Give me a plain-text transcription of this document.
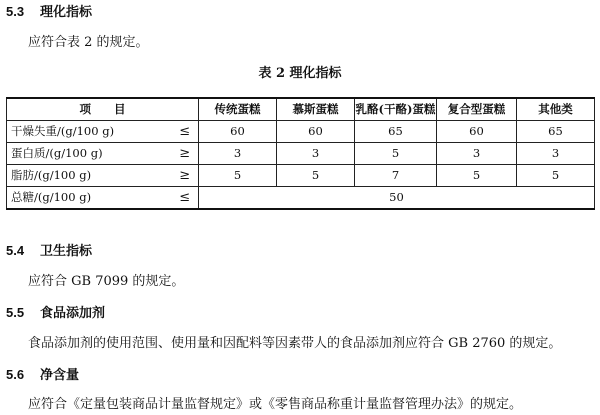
5.3 理化指标
应符合表 2 的规定。
表 2 理化指标
项　　目		传统蛋糕	慕斯蛋糕	乳酪(干酪)蛋糕	复合型蛋糕	其他类
干燥失重/(g/100 g)	≤	60	60	65	60	65
蛋白质/(g/100 g)	≥	3	3	5	3	3
脂肪/(g/100 g)	≥	5	5	7	5	5
总糖/(g/100 g)	≤	50				
5.4 卫生指标
应符合 GB 7099 的规定。
5.5 食品添加剂
食品添加剂的使用范围、使用量和因配料等因素带人的食品添加剂应符合 GB 2760 的规定。
5.6 净含量
应符合《定量包装商品计量监督规定》或《零售商品称重计量监督管理办法》的规定。
